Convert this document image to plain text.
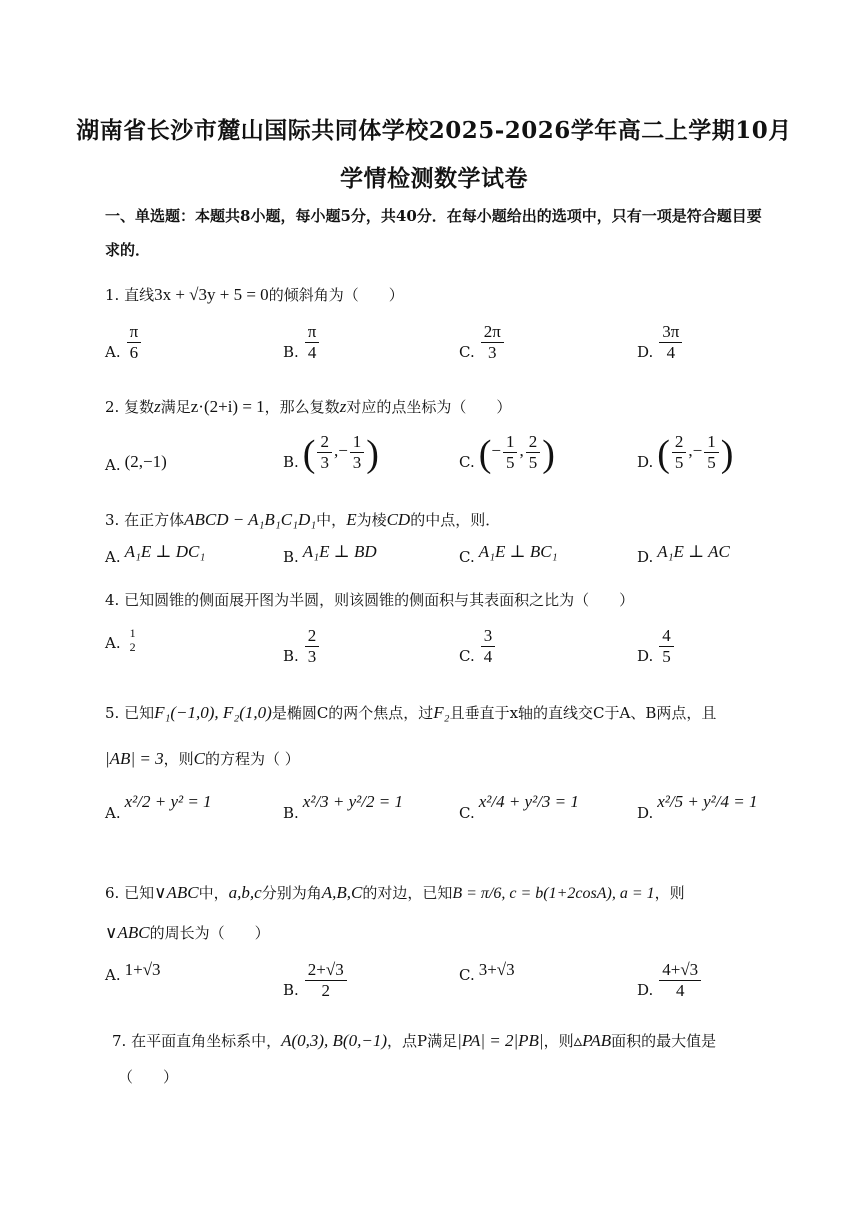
湖南省长沙市麓山国际共同体学校2025-2026学年高二上学期10月
学情检测数学试卷
一、单选题：本题共8小题，每小题5分，共40分．在每小题给出的选项中，只有一项是符合题目要求的．
1. 直线3x + √3y + 5 = 0的倾斜角为（　　）
A. $\frac{\pi}{6}$	B. $\frac{\pi}{4}$	C. $\frac{2\pi}{3}$	D. $\frac{3\pi}{4}$
2. 复数z满足z·(2+i) = 1，那么复数z对应的点坐标为（　　）
A. (2,−1)	B. ( $\frac{2}{3}$ ,− $\frac{1}{3}$ )	C. ( − $\frac{1}{5}$ , $\frac{2}{5}$ )	D. ( $\frac{2}{5}$ ,− $\frac{1}{5}$ )
3. 在正方体ABCD − A₁B₁C₁D₁中，E为棱CD的中点，则．
A. A₁E ⊥ DC₁	B. A₁E ⊥ BD	C. A₁E ⊥ BC₁	D. A₁E ⊥ AC
4. 已知圆锥的侧面展开图为半圆，则该圆锥的侧面积与其表面积之比为（　　）
A.
1
2	B. $\frac{2}{3}$	C. $\frac{3}{4}$	D. $\frac{4}{5}$
5. 已知F₁(−1,0), F₂(1,0)是椭圆C的两个焦点，过F₂且垂直于x轴的直线交C于A、B两点，且
|AB| = 3，则C的方程为（ ）
A.
x²/2 + y² = 1
B.
x²/3 + y²/2 = 1
C.
x²/4 + y²/3 = 1
D.
x²/5 + y²/4 = 1
6. 已知∨ABC中，a,b,c分别为角A,B,C的对边，已知B = π/6, c = b(1+2cosA), a = 1，则
∨ABC的周长为（　　）
A. 1+√3
B. $\frac{2+√3}{2}$	C. 3+√3
D. $\frac{4+√3}{4}$
7. 在平面直角坐标系中，A(0,3), B(0,−1)，点P满足|PA| = 2|PB|，则▵PAB面积的最大值是
（　　）
